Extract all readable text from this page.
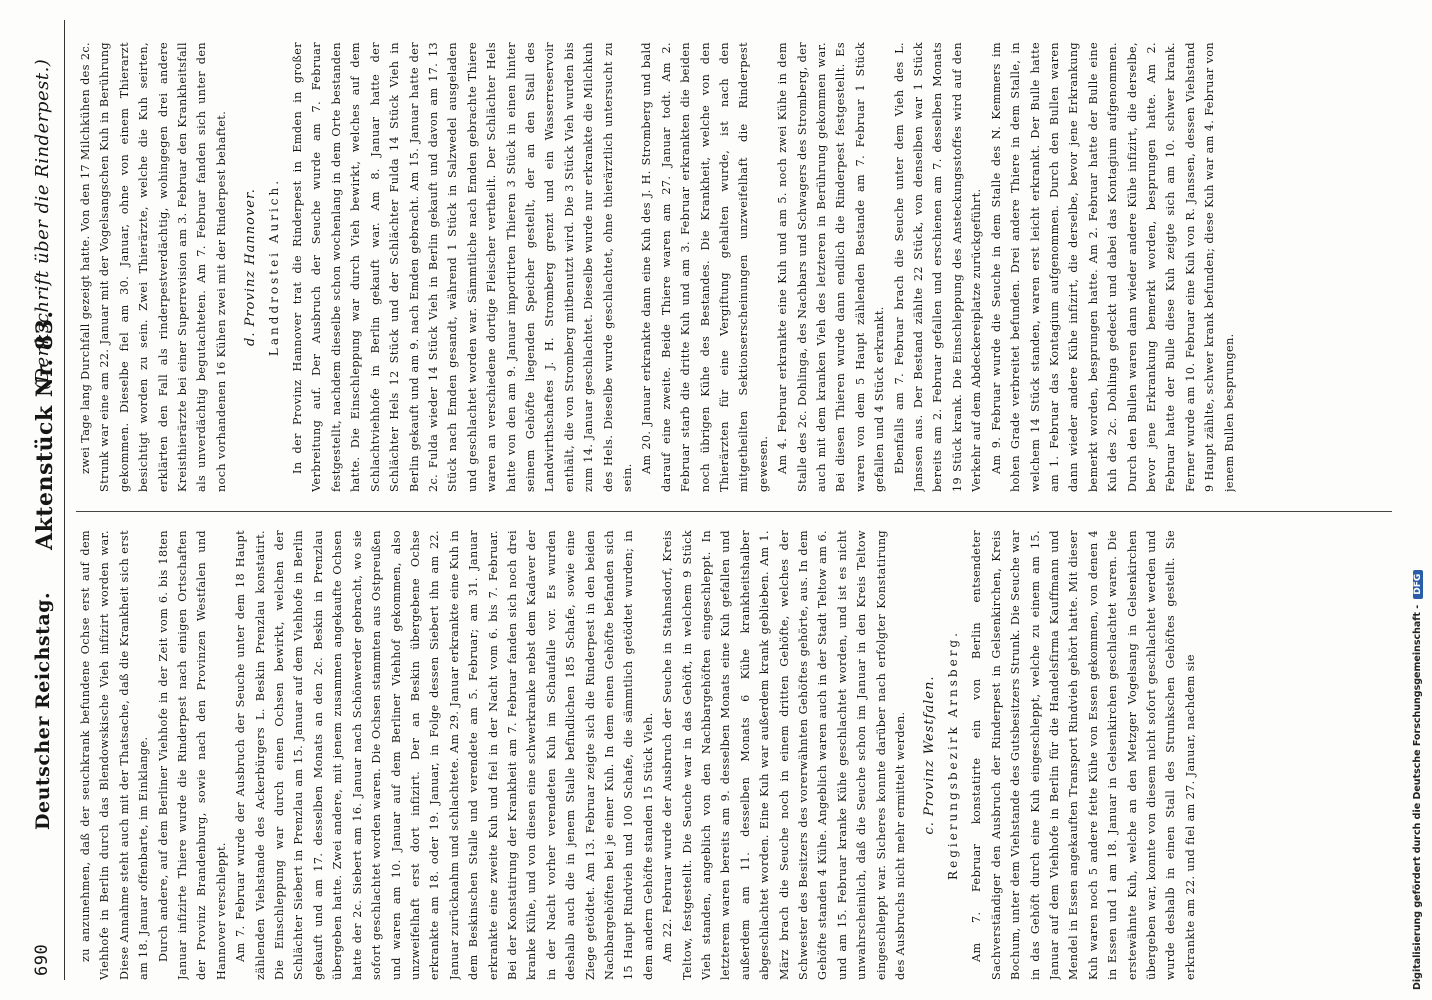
690
Deutscher Reichstag.
Aktenstück Nr. 83.
(Denkschrift über die Rinderpest.)

zu anzunehmen, daß der seuchkrank befundene Ochse erst auf dem Viehhofe in Berlin durch das Blendowskische Vieh infizirt worden war. Diese Annahme steht auch mit der Thatsache, daß die Krankheit sich erst am 18. Januar offenbarte, im Einklange. Durch andere, auf dem Berliner Viehhofe in der Zeit vom 6. bis 18ten Januar infizirte Thiere wurde die Rinderpest nach einigen Ortschaften der Provinz Brandenburg, sowie nach den Provinzen Westfalen und Hannover verschleppt. Am 7. Februar wurde der Ausbruch der Seuche unter dem 18 Haupt zählenden Viehstande des Ackerbürgers L. Beskin Prenzlau konstatirt. Die Einschleppung war durch einen Ochsen bewirkt, welchen der Schlächter Siebert in Prenzlau am 15. Januar auf dem Viehhofe in Berlin gekauft und am 17. desselben Monats an den 2c. Beskin in Prenzlau übergeben hatte. Zwei andere, mit jenem zusammen angekaufte Ochsen hatte der 2c. Siebert am 16. Januar nach Schönwerder gebracht, wo sie sofort geschlachtet worden waren. Die Ochsen stammten aus Ostpreußen und waren am 10. Januar auf dem Berliner Viehhof gekommen, also unzweifelhaft erst dort infizirt. Der an Beskin übergebene Ochse erkrankte am 18. oder 19. Januar, in Folge dessen Siebert ihn am 22. Januar zurücknahm und schlachtete. Am 29. Januar erkrankte eine Kuh in dem Beskinschen Stalle und verendete am 5. Februar; am 31. Januar erkrankte eine zweite Kuh und fiel in der Nacht vom 6. bis 7. Februar. Bei der Konstatirung der Krankheit am 7. Februar fanden sich noch drei kranke Kühe, und von diesen eine schwerkranke nebst dem Kadaver der in der Nacht vorher verendeten Kuh im Schaufalle vor. Es wurden deshalb auch die in jenem Stalle befindlichen 185 Schafe, sowie eine Ziege getödtet. Am 13. Februar zeigte sich die Rinderpest in den beiden Nachbargehöften bei je einer Kuh. In dem einen Gehöfte befanden sich 15 Haupt Rindvieh und 100 Schafe, die sämmtlich getödtet wurden; in dem andern Gehöfte standen 15 Stück Vieh. Am 22. Februar wurde der Ausbruch der Seuche in Stahnsdorf, Kreis Teltow, festgestellt. Die Seuche war in das Gehöft, in welchem 9 Stück Vieh standen, angeblich von den Nachbargehöften eingeschleppt. In letzterem waren bereits am 9. desselben Monats eine Kuh gefallen und außerdem am 11. desselben Monats 6 Kühe krankheitshalber abgeschlachtet worden. Eine Kuh war außerdem krank geblieben. Am 1. März brach die Seuche noch in einem dritten Gehöfte, welches der Schwester des Besitzers des vorerwähnten Gehöftes gehörte, aus. In dem Gehöfte standen 4 Kühe. Angeblich waren auch in der Stadt Teltow am 6. und am 15. Februar kranke Kühe geschlachtet worden, und ist es nicht unwahrscheinlich, daß die Seuche schon im Januar in den Kreis Teltow eingeschleppt war. Sicheres konnte darüber nach erfolgter Konstatirung des Ausbruchs nicht mehr ermittelt werden. c. Provinz Westfalen. Regierungsbezirk Arnsberg. Am 7. Februar konstatirte ein von Berlin entsendeter Sachverständiger den Ausbruch der Rinderpest in Gelsenkirchen, Kreis Bochum, unter dem Viehstande des Gutsbesitzers Strunk. Die Seuche war in das Gehöft durch eine Kuh eingeschleppt, welche zu einem am 15. Januar auf dem Viehhofe in Berlin für die Handelsfirma Kauffmann und Mendel in Essen angekauften Transport Rindvieh gehört hatte. Mit dieser Kuh waren noch 5 andere fette Kühe von Essen gekommen, von denen 4 in Essen und 1 am 18. Januar in Gelsenkirchen geschlachtet waren. Die erstewähnte Kuh, welche an den Metzger Vogelsang in Gelsenkirchen übergeben war, konnte von diesem nicht sofort geschlachtet werden und wurde deshalb in einen Stall des Strunkschen Gehöftes gestellt. Sie erkrankte am 22. und fiel am 27. Januar, nachdem sie

zwei Tage lang Durchfall gezeigt hatte. Von den 17 Milchkühen des 2c. Strunk war eine am 22. Januar mit der Vogelsangschen Kuh in Berührung gekommen. Dieselbe fiel am 30. Januar, ohne von einem Thierarzt besichtigt worden zu sein. Zwei Thierärzte, welche die Kuh seirten, erklärten den Fall als rinderpestverdächtig, wohingegen drei andere Kreisthierärzte bei einer Superrevision am 3. Februar den Krankheitsfall als unverdächtig begutachteten. Am 7. Februar fanden sich unter den noch vorhandenen 16 Kühen zwei mit der Rinderpest behaftet. d. Provinz Hannover. Landdrostei Aurich. In der Provinz Hannover trat die Rinderpest in Emden in großer Verbreitung auf. Der Ausbruch der Seuche wurde am 7. Februar festgestellt, nachdem dieselbe schon wochenlang in dem Orte bestanden hatte. Die Einschleppung war durch Vieh bewirkt, welches auf dem Schlachtviehhofe in Berlin gekauft war. Am 8. Januar hatte der Schlächter Hels 12 Stück und der Schlächter Fulda 14 Stück Vieh in Berlin gekauft und am 9. nach Emden gebracht. Am 15. Januar hatte der 2c. Fulda wieder 14 Stück Vieh in Berlin gekauft und davon am 17. 13 Stück nach Emden gesandt, während 1 Stück in Salzwedel ausgeladen und geschlachtet worden war. Sämmtliche nach Emden gebrachte Thiere waren an verschiedene dortige Fleischer vertheilt. Der Schlächter Hels hatte von den am 9. Januar importirten Thieren 3 Stück in einen hinter seinem Gehöfte liegenden Speicher gestellt, der an den Stall des Landwirthschaftes J. H. Stromberg grenzt und ein Wasserreservoir enthält, die von Stromberg mitbenutzt wird. Die 3 Stück Vieh wurden bis zum 14. Januar geschlachtet. Dieselbe wurde nur erkrankte die Milchkuh des Hels. Dieselbe wurde geschlachtet, ohne thierärztlich untersucht zu sein.

Am 20. Januar erkrankte dann eine Kuh des J. H. Stromberg und bald darauf eine zweite. Beide Thiere waren am 27. Januar todt. Am 2. Februar starb die dritte Kuh und am 3. Februar erkrankten die beiden noch übrigen Kühe des Bestandes. Die Krankheit, welche von den Thierärzten für eine Vergiftung gehalten wurde, ist nach den mitgetheilten Sektionserscheinungen unzweifelhaft die Rinderpest gewesen. Am 4. Februar erkrankte eine Kuh und am 5. noch zwei Kühe in dem Stalle des 2c. Dohlinga, des Nachbars und Schwagers des Stromberg, der auch mit dem kranken Vieh des letzteren in Berührung gekommen war. Bei diesen Thieren wurde dann endlich die Rinderpest festgestellt. Es waren von dem 5 Haupt zählenden Bestande am 7. Februar 1 Stück gefallen und 4 Stück erkrankt. Ebenfalls am 7. Februar brach die Seuche unter dem Vieh des L. Janssen aus. Der Bestand zählte 22 Stück, von denselben war 1 Stück bereits am 2. Februar gefallen und erschienen am 7. desselben Monats 19 Stück krank. Die Einschleppung des Ansteckungsstoffes wird auf den Verkehr auf dem Abdeckereiplatze zurückgeführt. Am 9. Februar wurde die Seuche in dem Stalle des N. Kemmers im hohen Grade verbreitet befunden. Drei andere Thiere in dem Stalle, in welchem 14 Stück standen, waren erst leicht erkrankt. Der Bulle hatte am 1. Februar das Kontagium aufgenommen. Durch den Bullen waren dann wieder andere Kühe infizirt, die derselbe, bevor jene Erkrankung bemerkt worden, besprungen hatte. Am 2. Februar hatte der Bulle eine Kuh des 2c. Dohlinga gedeckt und dabei das Kontagium aufgenommen. Durch den Bullen waren dann wieder andere Kühe infizirt, die derselbe, bevor jene Erkrankung bemerkt worden, besprungen hatte. Am 2. Februar hatte der Bulle diese Kuh zeigte sich am 10. schwer krank. Ferner wurde am 10. Februar eine Kuh von R. Janssen, dessen Viehstand 9 Haupt zählte, schwer krank befunden; diese Kuh war am 4. Februar von jenem Bullen besprungen.

Digitalisierung gefördert durch die Deutsche Forschungsgemeinschaft -DFG
